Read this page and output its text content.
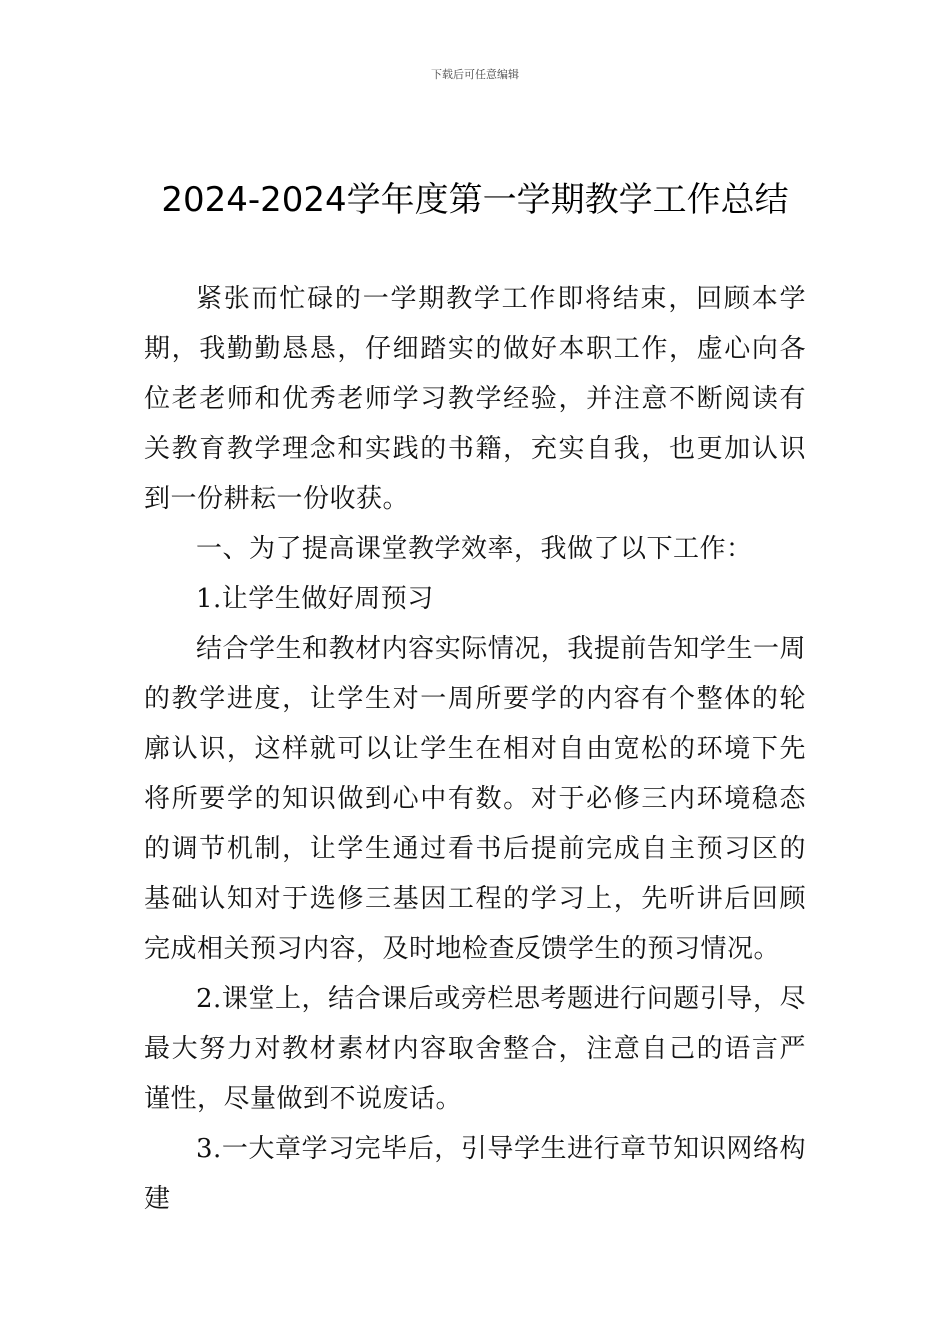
下载后可任意编辑
2024-2024学年度第一学期教学工作总结

紧张而忙碌的一学期教学工作即将结束，回顾本学期，我勤勤恳恳，仔细踏实的做好本职工作，虚心向各位老老师和优秀老师学习教学经验，并注意不断阅读有关教育教学理念和实践的书籍，充实自我，也更加认识到一份耕耘一份收获。

一、为了提高课堂教学效率，我做了以下工作：

1.让学生做好周预习

结合学生和教材内容实际情况，我提前告知学生一周的教学进度，让学生对一周所要学的内容有个整体的轮廓认识，这样就可以让学生在相对自由宽松的环境下先将所要学的知识做到心中有数。对于必修三内环境稳态的调节机制，让学生通过看书后提前完成自主预习区的基础认知对于选修三基因工程的学习上，先听讲后回顾完成相关预习内容，及时地检查反馈学生的预习情况。

2.课堂上，结合课后或旁栏思考题进行问题引导，尽最大努力对教材素材内容取舍整合，注意自己的语言严谨性，尽量做到不说废话。

3.一大章学习完毕后，引导学生进行章节知识网络构建
